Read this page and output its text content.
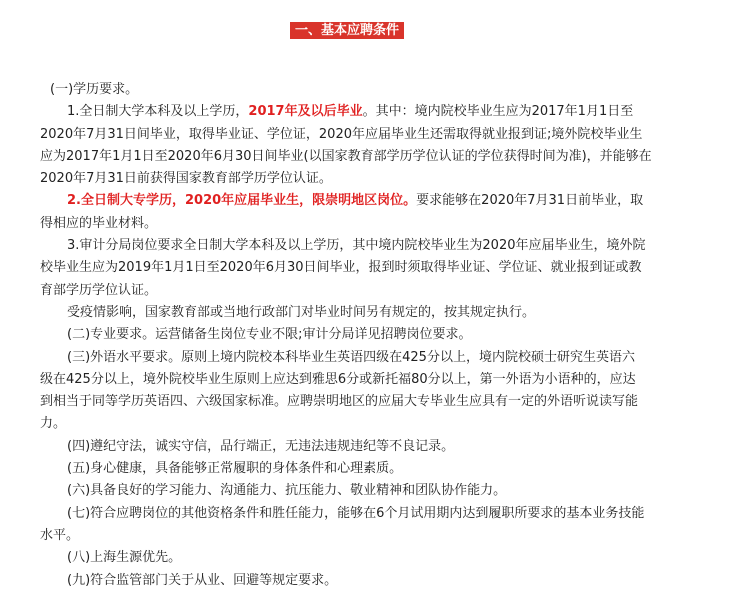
一、基本应聘条件

(一)学历要求。

1.全日制大学本科及以上学历，2017年及以后毕业。其中：境内院校毕业生应为2017年1月1日至

2020年7月31日间毕业，取得毕业证、学位证，2020年应届毕业生还需取得就业报到证;境外院校毕业生

应为2017年1月1日至2020年6月30日间毕业(以国家教育部学历学位认证的学位获得时间为准)，并能够在

2020年7月31日前获得国家教育部学历学位认证。

2.全日制大专学历，2020年应届毕业生，限崇明地区岗位。要求能够在2020年7月31日前毕业，取

得相应的毕业材料。

3.审计分局岗位要求全日制大学本科及以上学历，其中境内院校毕业生为2020年应届毕业生，境外院

校毕业生应为2019年1月1日至2020年6月30日间毕业，报到时须取得毕业证、学位证、就业报到证或教

育部学历学位认证。

受疫情影响，国家教育部或当地行政部门对毕业时间另有规定的，按其规定执行。

(二)专业要求。运营储备生岗位专业不限;审计分局详见招聘岗位要求。

(三)外语水平要求。原则上境内院校本科毕业生英语四级在425分以上，境内院校硕士研究生英语六

级在425分以上，境外院校毕业生原则上应达到雅思6分或新托福80分以上，第一外语为小语种的，应达

到相当于同等学历英语四、六级国家标准。应聘崇明地区的应届大专毕业生应具有一定的外语听说读写能

力。

(四)遵纪守法，诚实守信，品行端正，无违法违规违纪等不良记录。

(五)身心健康，具备能够正常履职的身体条件和心理素质。

(六)具备良好的学习能力、沟通能力、抗压能力、敬业精神和团队协作能力。

(七)符合应聘岗位的其他资格条件和胜任能力，能够在6个月试用期内达到履职所要求的基本业务技能

水平。

(八)上海生源优先。

(九)符合监管部门关于从业、回避等规定要求。
